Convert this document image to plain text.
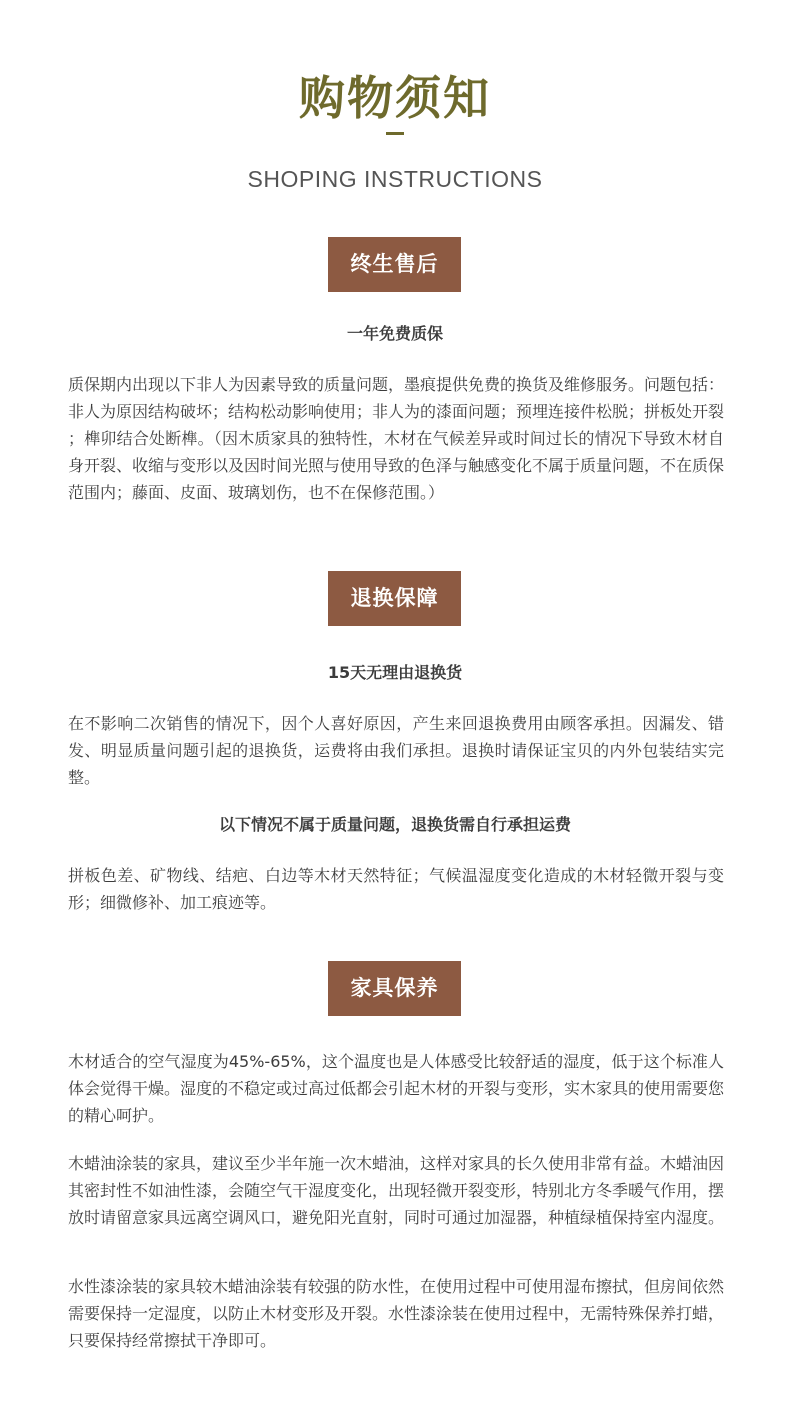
购物须知
SHOPING INSTRUCTIONS
终生售后
一年免费质保

质保期内出现以下非人为因素导致的质量问题，墨痕提供免费的换货及维修服务。问题包括：非人为原因结构破坏；结构松动影响使用；非人为的漆面问题；预埋连接件松脱；拼板处开裂 ；榫卯结合处断榫。（因木质家具的独特性，木材在气候差异或时间过长的情况下导致木材自身开裂、收缩与变形以及因时间光照与使用导致的色泽与触感变化不属于质量问题，不在质保范围内；藤面、皮面、玻璃划伤，也不在保修范围。）

退换保障
15天无理由退换货

在不影响二次销售的情况下，因个人喜好原因，产生来回退换费用由顾客承担。因漏发、错发、明显质量问题引起的退换货，运费将由我们承担。退换时请保证宝贝的内外包装结实完整。

以下情况不属于质量问题，退换货需自行承担运费

拼板色差、矿物线、结疤、白边等木材天然特征；气候温湿度变化造成的木材轻微开裂与变形；细微修补、加工痕迹等。

家具保养

木材适合的空气湿度为45%-65%，这个温度也是人体感受比较舒适的湿度，低于这个标准人体会觉得干燥。湿度的不稳定或过高过低都会引起木材的开裂与变形，实木家具的使用需要您的精心呵护。

木蜡油涂装的家具，建议至少半年施一次木蜡油，这样对家具的长久使用非常有益。木蜡油因其密封性不如油性漆，会随空气干湿度变化，出现轻微开裂变形，特别北方冬季暖气作用，摆放时请留意家具远离空调风口，避免阳光直射，同时可通过加湿器，种植绿植保持室内湿度。

水性漆涂装的家具较木蜡油涂装有较强的防水性，在使用过程中可使用湿布擦拭，但房间依然需要保持一定湿度，以防止木材变形及开裂。水性漆涂装在使用过程中，无需特殊保养打蜡，只要保持经常擦拭干净即可。
